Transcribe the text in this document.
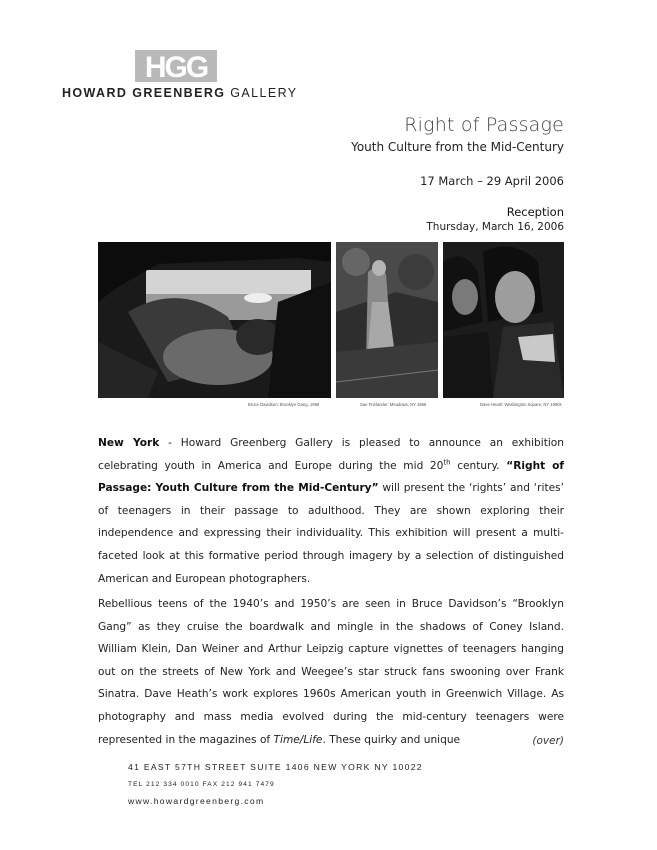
HGG
HOWARD GREENBERG GALLERY
Right of Passage
Youth Culture from the Mid-Century
17 March – 29 April 2006
Reception
Thursday, March 16, 2006
Bruce Davidson: Brooklyn Gang, 1959	Sae Frielander: Meadows, NY 1956	Dave Heath: Washington Square, NY 1960s
New York - Howard Greenberg Gallery is pleased to announce an exhibition celebrating youth in America and Europe during the mid 20th century. “Right of Passage: Youth Culture from the Mid-Century” will present the ‘rights’ and ‘rites’ of teenagers in their passage to adulthood. They are shown exploring their independence and expressing their individuality. This exhibition will present a multi-faceted look at this formative period through imagery by a selection of distinguished American and European photographers.
Rebellious teens of the 1940’s and 1950’s are seen in Bruce Davidson’s “Brooklyn Gang” as they cruise the boardwalk and mingle in the shadows of Coney Island. William Klein, Dan Weiner and Arthur Leipzig capture vignettes of teenagers hanging out on the streets of New York and Weegee’s star struck fans swooning over Frank Sinatra. Dave Heath’s work explores 1960s American youth in Greenwich Village. As photography and mass media evolved during the mid-century teenagers were represented in the magazines of Time/Life. These quirky and unique	(over)
41 EAST 57TH STREET SUITE 1406 NEW YORK NY 10022
TEL 212 334 0010 FAX 212 941 7479
www.howardgreenberg.com
